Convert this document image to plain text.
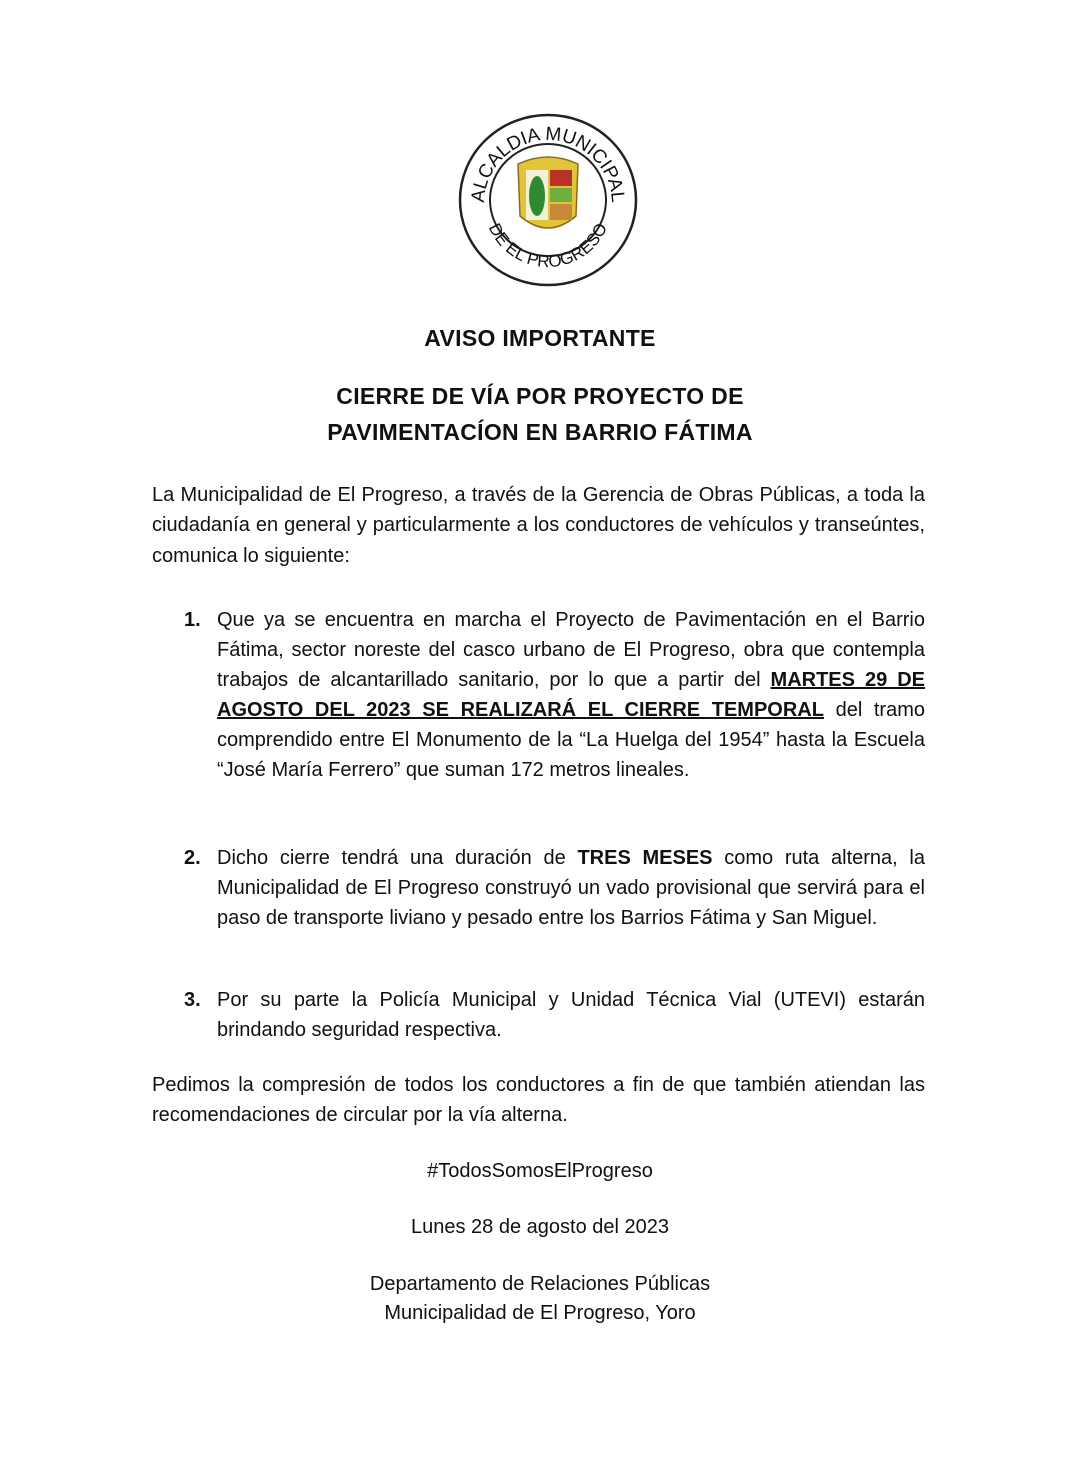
ALCALDIA MUNICIPAL
DE EL PROGRESO
AVISO IMPORTANTE
CIERRE DE VÍA POR PROYECTO DE
PAVIMENTACÍON EN BARRIO FÁTIMA
La Municipalidad de El Progreso, a través de la Gerencia de Obras Públicas, a toda la ciudadanía en general y particularmente a los conductores de vehículos y transeúntes, comunica lo siguiente:
1. Que ya se encuentra en marcha el Proyecto de Pavimentación en el Barrio Fátima, sector noreste del casco urbano de El Progreso, obra que contempla trabajos de alcantarillado sanitario, por lo que a partir del MARTES 29 DE AGOSTO DEL 2023 SE REALIZARÁ EL CIERRE TEMPORAL del tramo comprendido entre El Monumento de la “La Huelga del 1954” hasta la Escuela “José María Ferrero” que suman 172 metros lineales.
2. Dicho cierre tendrá una duración de TRES MESES como ruta alterna, la Municipalidad de El Progreso construyó un vado provisional que servirá para el paso de transporte liviano y pesado entre los Barrios Fátima y San Miguel.
3. Por su parte la Policía Municipal y Unidad Técnica Vial (UTEVI) estarán brindando seguridad respectiva.
Pedimos la compresión de todos los conductores a fin de que también atiendan las recomendaciones de circular por la vía alterna.
#TodosSomosElProgreso
Lunes 28 de agosto del 2023
Departamento de Relaciones Públicas
Municipalidad de El Progreso, Yoro
